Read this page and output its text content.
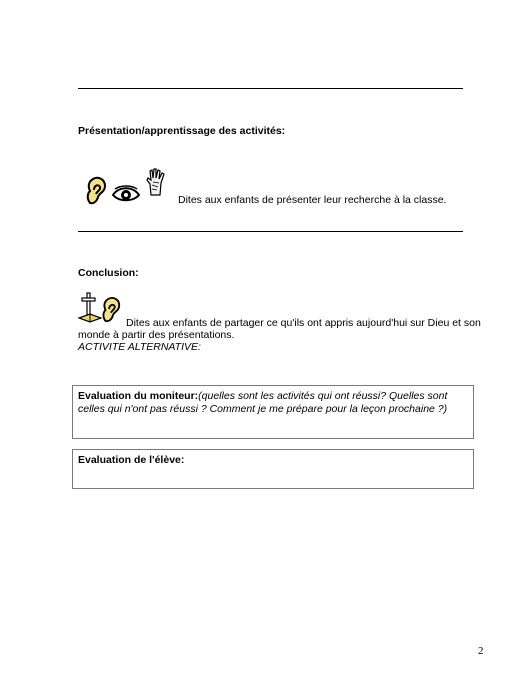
Présentation/apprentissage des activités:
Dites aux enfants de présenter leur recherche à la classe.
Conclusion:
Dites aux enfants de partager ce qu'ils ont appris aujourd'hui sur Dieu et son
monde à partir des présentations.
ACTIVITE ALTERNATIVE:
Evaluation du moniteur:(quelles sont les activités qui ont réussi? Quelles sont
celles qui n'ont pas réussi ? Comment je me prépare pour la leçon prochaine ?)
Evaluation de l'élève:
2
